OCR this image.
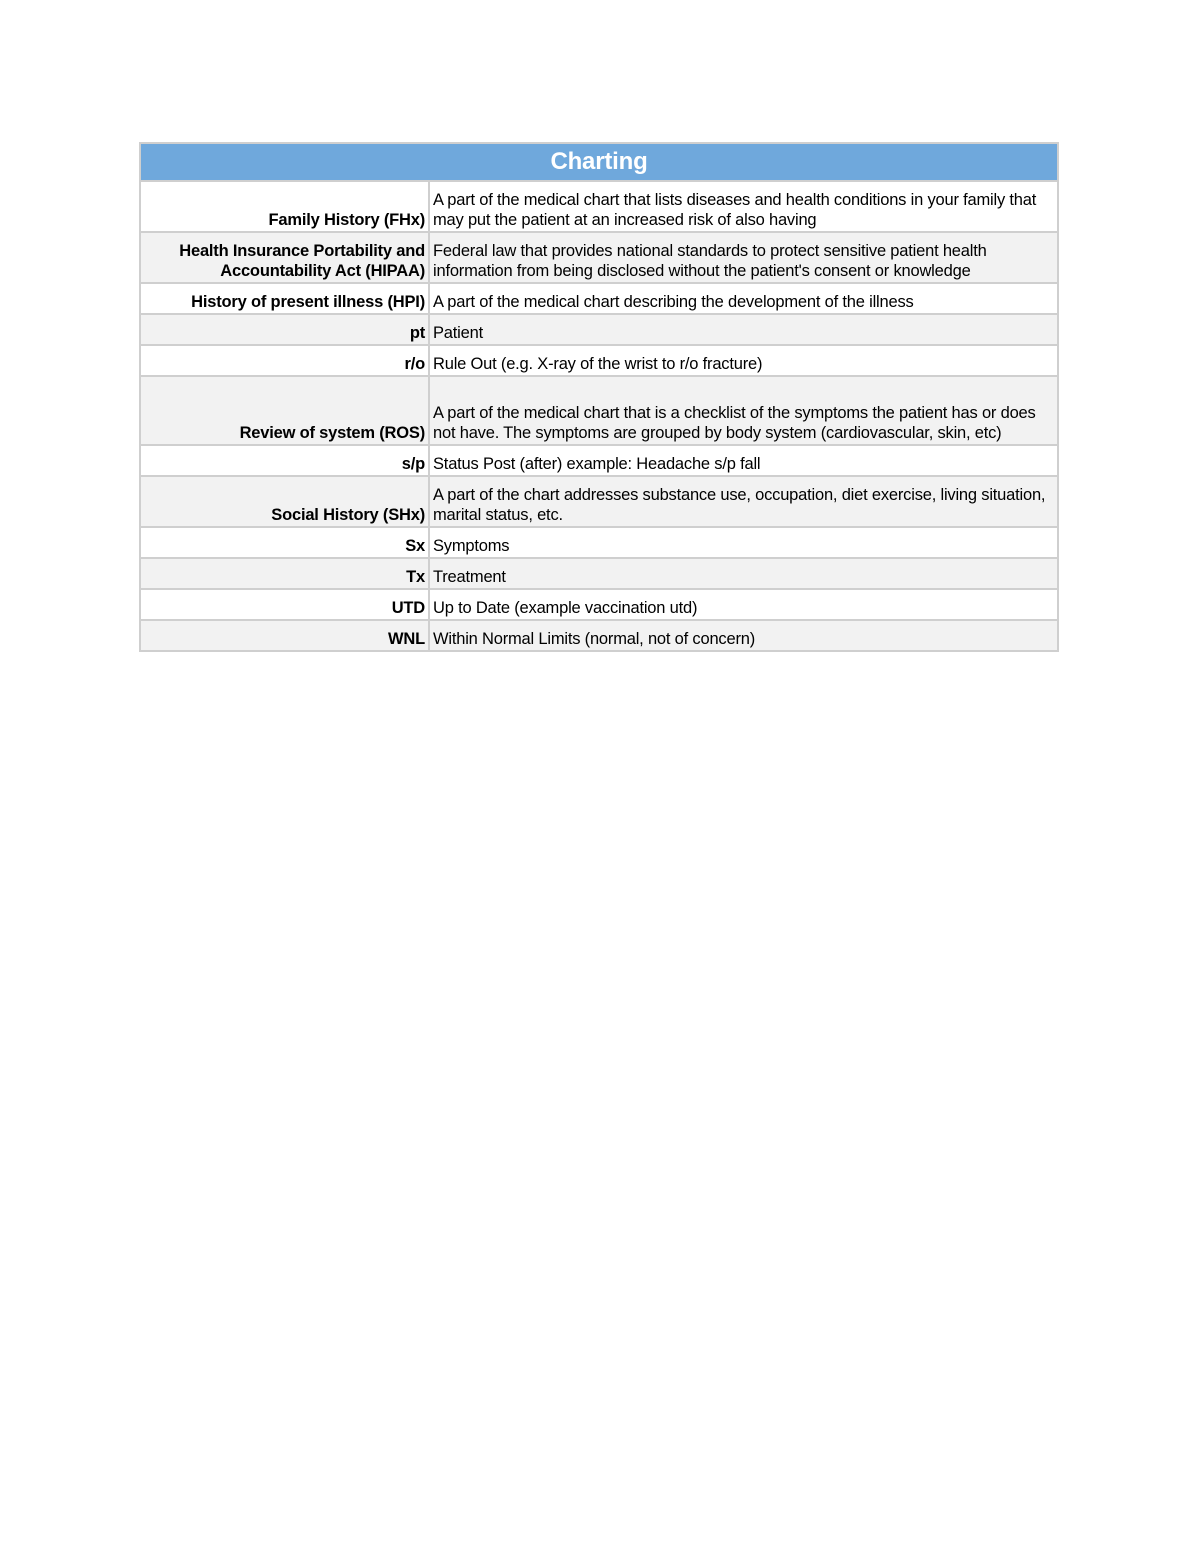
Charting	
Family History (FHx)	A part of the medical chart that lists diseases and health conditions in your family that may put the patient at an increased risk of also having
Health Insurance Portability and Accountability Act (HIPAA)	Federal law that provides national standards to protect sensitive patient health information from being disclosed without the patient's consent or knowledge
History of present illness (HPI)	A part of the medical chart describing the development of the illness
pt	Patient
r/o	Rule Out (e.g. X-ray of the wrist to r/o fracture)
Review of system (ROS)	A part of the medical chart that is a checklist of the symptoms the patient has or does not have. The symptoms are grouped by body system (cardiovascular, skin, etc)
s/p	Status Post (after) example: Headache s/p fall
Social History (SHx)	A part of the chart addresses substance use, occupation, diet exercise, living situation, marital status, etc.
Sx	Symptoms
Tx	Treatment
UTD	Up to Date (example vaccination utd)
WNL	Within Normal Limits (normal, not of concern)
